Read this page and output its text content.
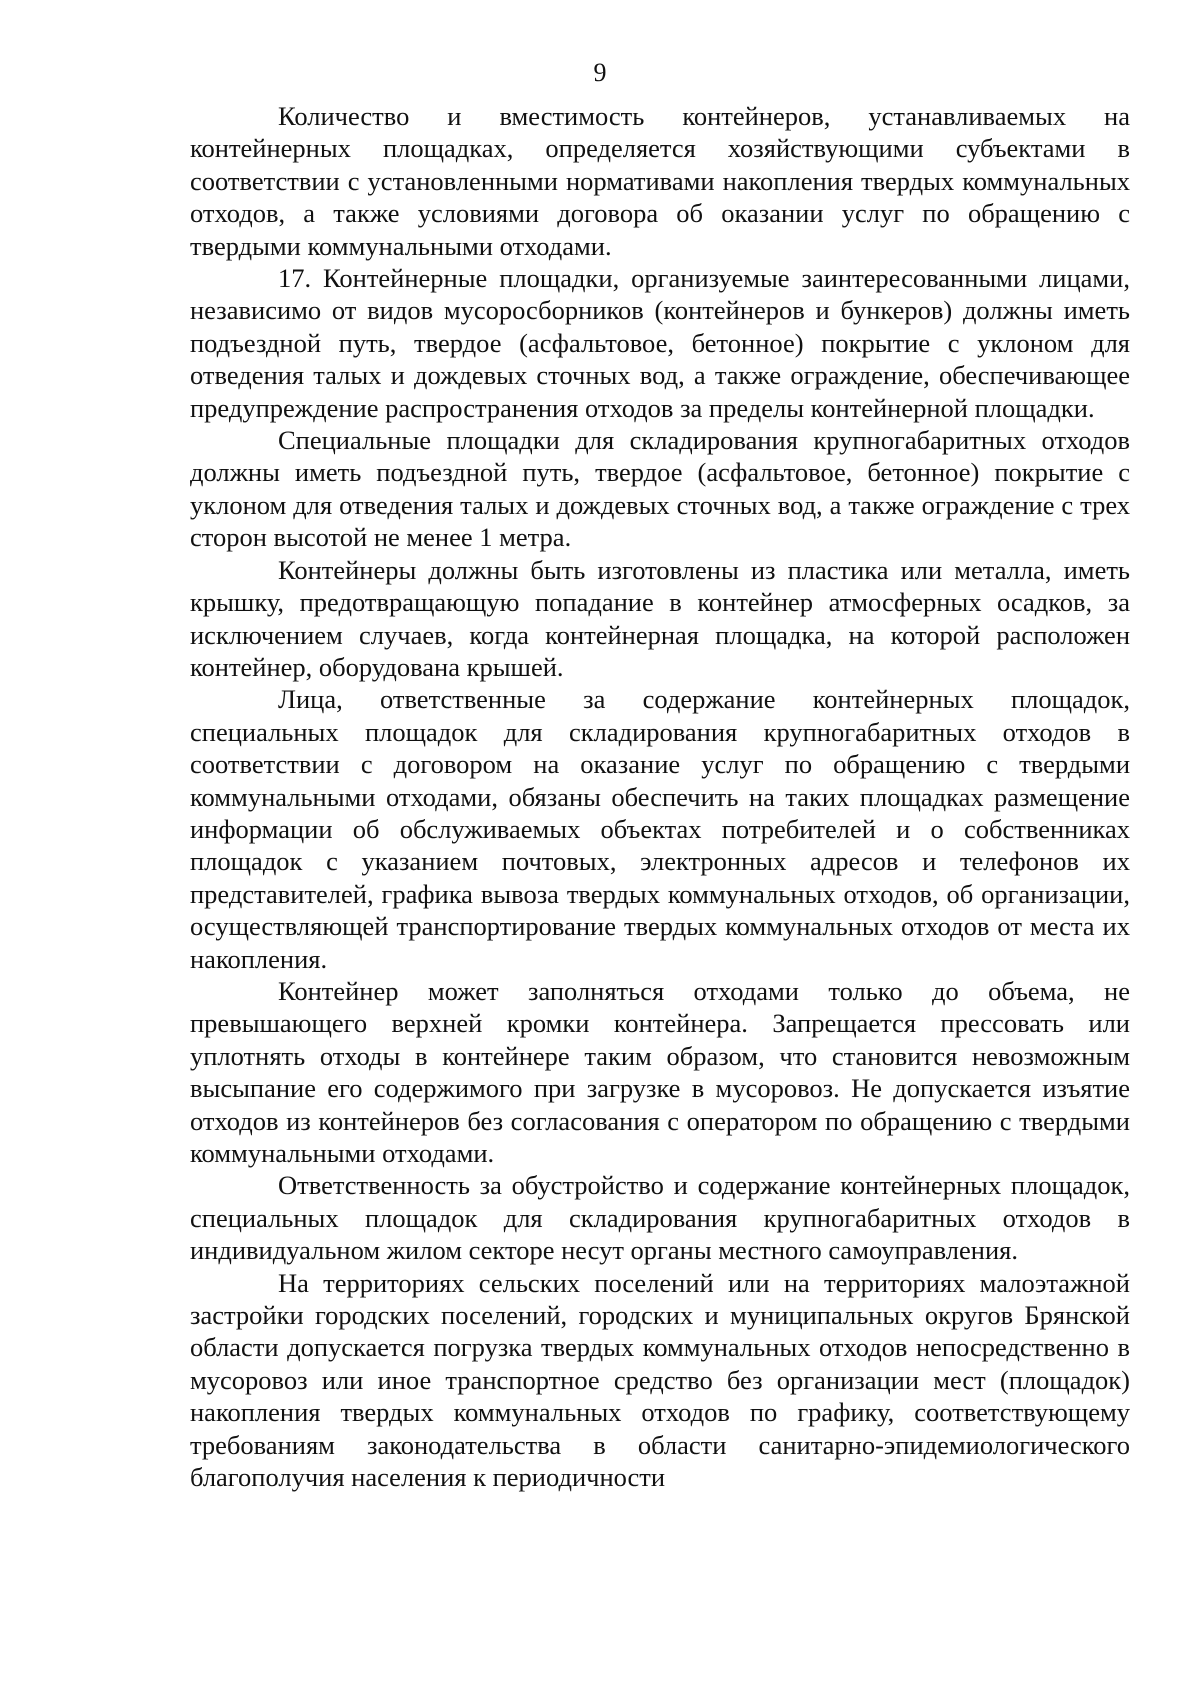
9

Количество и вместимость контейнеров, устанавливаемых на контейнерных площадках, определяется хозяйствующими субъектами в соответствии с установленными нормативами накопления твердых коммунальных отходов, а также условиями договора об оказании услуг по обращению с твердыми коммунальными отходами.

17. Контейнерные площадки, организуемые заинтересованными лицами, независимо от видов мусоросборников (контейнеров и бункеров) должны иметь подъездной путь, твердое (асфальтовое, бетонное) покрытие с уклоном для отведения талых и дождевых сточных вод, а также ограждение, обеспечивающее предупреждение распространения отходов за пределы контейнерной площадки.

Специальные площадки для складирования крупногабаритных отходов должны иметь подъездной путь, твердое (асфальтовое, бетонное) покрытие с уклоном для отведения талых и дождевых сточных вод, а также ограждение с трех сторон высотой не менее 1 метра.

Контейнеры должны быть изготовлены из пластика или металла, иметь крышку, предотвращающую попадание в контейнер атмосферных осадков, за исключением случаев, когда контейнерная площадка, на которой расположен контейнер, оборудована крышей.

Лица, ответственные за содержание контейнерных площадок, специальных площадок для складирования крупногабаритных отходов в соответствии с договором на оказание услуг по обращению с твердыми коммунальными отходами, обязаны обеспечить на таких площадках размещение информации об обслуживаемых объектах потребителей и о собственниках площадок с указанием почтовых, электронных адресов и телефонов их представителей, графика вывоза твердых коммунальных отходов, об организации, осуществляющей транспортирование твердых коммунальных отходов от места их накопления.

Контейнер может заполняться отходами только до объема, не превышающего верхней кромки контейнера. Запрещается прессовать или уплотнять отходы в контейнере таким образом, что становится невозможным высыпание его содержимого при загрузке в мусоровоз. Не допускается изъятие отходов из контейнеров без согласования с оператором по обращению с твердыми коммунальными отходами.

Ответственность за обустройство и содержание контейнерных площадок, специальных площадок для складирования крупногабаритных отходов в индивидуальном жилом секторе несут органы местного самоуправления.

На территориях сельских поселений или на территориях малоэтажной застройки городских поселений, городских и муниципальных округов Брянской области допускается погрузка твердых коммунальных отходов непосредственно в мусоровоз или иное транспортное средство без организации мест (площадок) накопления твердых коммунальных отходов по графику, соответствующему требованиям законодательства в области санитарно-эпидемиологического благополучия населения к периодичности
